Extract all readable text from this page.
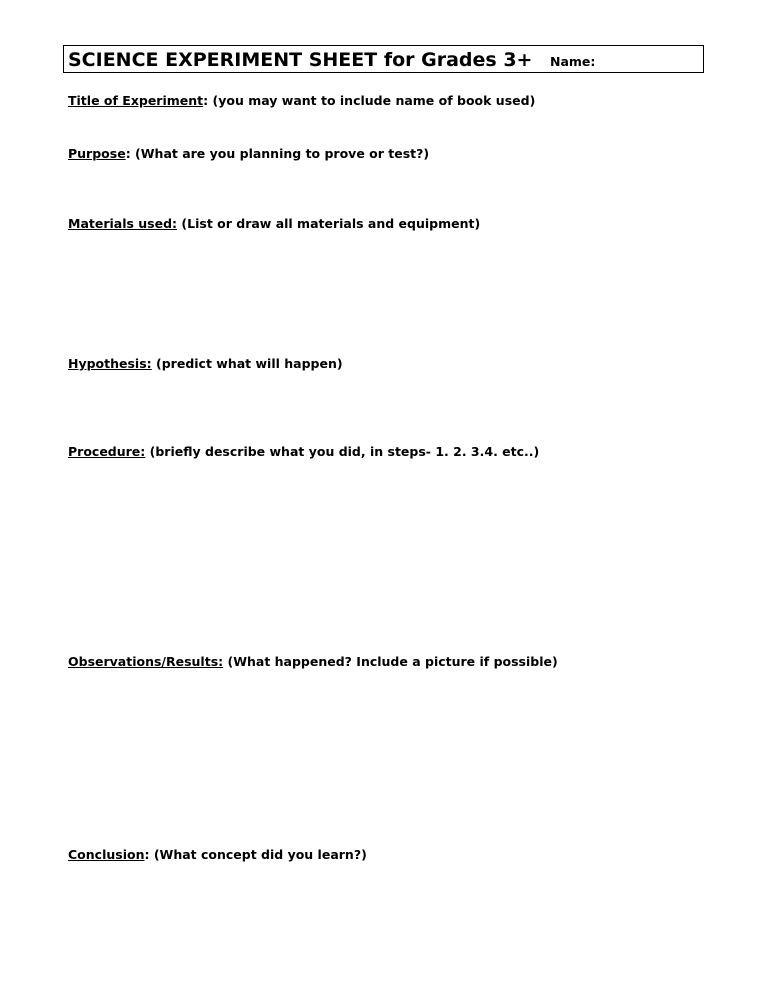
SCIENCE EXPERIMENT SHEET for Grades 3+ Name:
Title of Experiment: (you may want to include name of book used)
Purpose: (What are you planning to prove or test?)
Materials used: (List or draw all materials and equipment)
Hypothesis: (predict what will happen)
Procedure: (briefly describe what you did, in steps- 1. 2. 3.4. etc..)
Observations/Results: (What happened? Include a picture if possible)
Conclusion: (What concept did you learn?)
